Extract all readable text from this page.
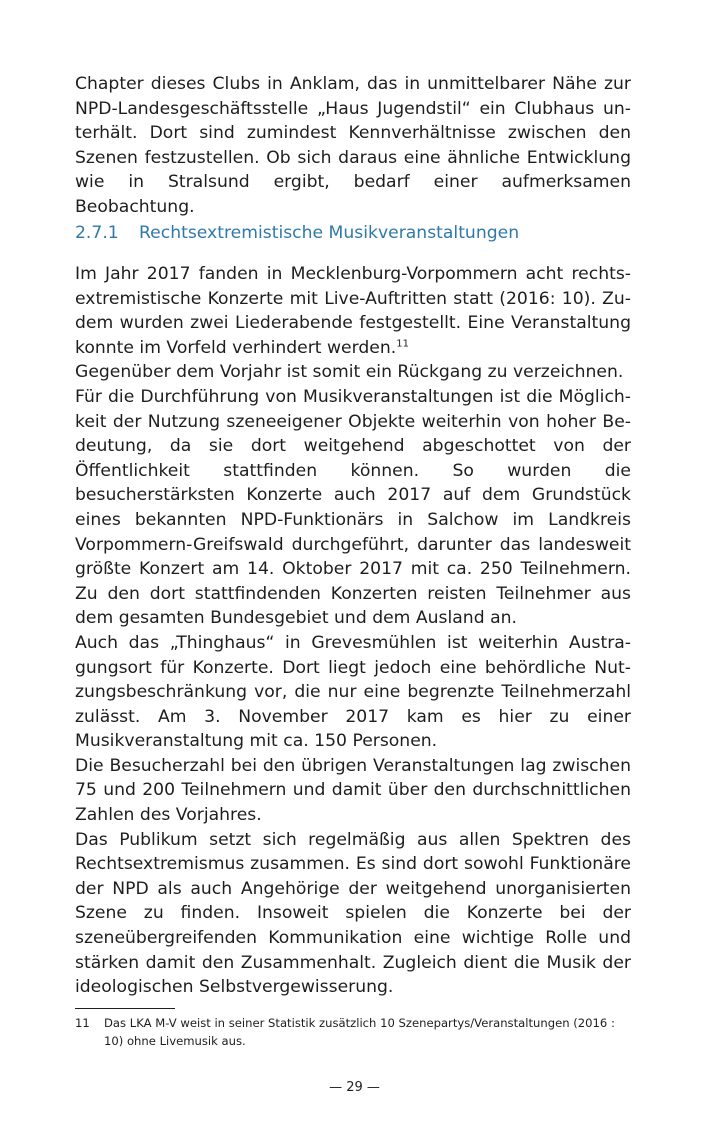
Chapter dieses Clubs in Anklam, das in unmittelbarer Nähe zur NPD-Landesgeschäftsstelle „Haus Jugendstil“ ein Clubhaus unterhält. Dort sind zumindest Kennverhältnisse zwischen den Szenen festzustellen. Ob sich daraus eine ähnliche Entwicklung wie in Stralsund ergibt, bedarf einer aufmerksamen Beobachtung.

2.7.1 Rechtsextremistische Musikveranstaltungen

Im Jahr 2017 fanden in Mecklenburg-Vorpommern acht rechtsextremistische Konzerte mit Live-Auftritten statt (2016: 10). Zudem wurden zwei Liederabende festgestellt. Eine Veranstaltung konnte im Vorfeld verhindert werden.$^{11}$

Gegenüber dem Vorjahr ist somit ein Rückgang zu verzeichnen.

Für die Durchführung von Musikveranstaltungen ist die Möglichkeit der Nutzung szeneeigener Objekte weiterhin von hoher Bedeutung, da sie dort weitgehend abgeschottet von der Öffentlichkeit stattfinden können. So wurden die besucherstärksten Konzerte auch 2017 auf dem Grundstück eines bekannten NPD-Funktionärs in Salchow im Landkreis Vorpommern-Greifswald durchgeführt, darunter das landesweit größte Konzert am 14. Oktober 2017 mit ca. 250 Teilnehmern. Zu den dort stattfindenden Konzerten reisten Teilnehmer aus dem gesamten Bundesgebiet und dem Ausland an.

Auch das „Thinghaus“ in Grevesmühlen ist weiterhin Austragungsort für Konzerte. Dort liegt jedoch eine behördliche Nutzungsbeschränkung vor, die nur eine begrenzte Teilnehmerzahl zulässt. Am 3. November 2017 kam es hier zu einer Musikveranstaltung mit ca. 150 Personen.

Die Besucherzahl bei den übrigen Veranstaltungen lag zwischen 75 und 200 Teilnehmern und damit über den durchschnittlichen Zahlen des Vorjahres.

Das Publikum setzt sich regelmäßig aus allen Spektren des Rechtsextremismus zusammen. Es sind dort sowohl Funktionäre der NPD als auch Angehörige der weitgehend unorganisierten Szene zu finden. Insoweit spielen die Konzerte bei der szeneübergreifenden Kommunikation eine wichtige Rolle und stärken damit den Zusammenhalt. Zugleich dient die Musik der ideologischen Selbstvergewisserung.

11 Das LKA M-V weist in seiner Statistik zusätzlich 10 Szenepartys/Veranstaltungen (2016 : 10) ohne Livemusik aus.
— 29 —
